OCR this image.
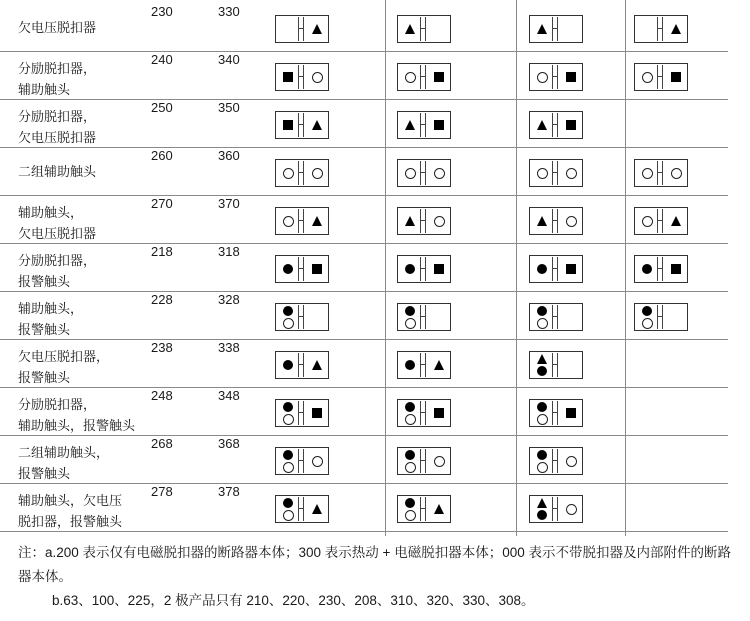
欠电压脱扣器
230	330
分励脱扣器，
辅助触头
240	340
分励脱扣器，
欠电压脱扣器
250	350
二组辅助触头
260	360
辅助触头，
欠电压脱扣器
270	370
分励脱扣器，
报警触头
218	318
辅助触头，
报警触头
228	328
欠电压脱扣器，
报警触头
238	338
分励脱扣器，
辅助触头，报警触头
248	348
二组辅助触头，
报警触头
268	368
辅助触头，欠电压
脱扣器，报警触头
278	378

注：a.200 表示仅有电磁脱扣器的断路器本体；300 表示热动 + 电磁脱扣器本体；000 表示不带脱扣器及内部附件的断路器本体。

b.63、100、225，2 极产品只有 210、220、230、208、310、320、330、308。
